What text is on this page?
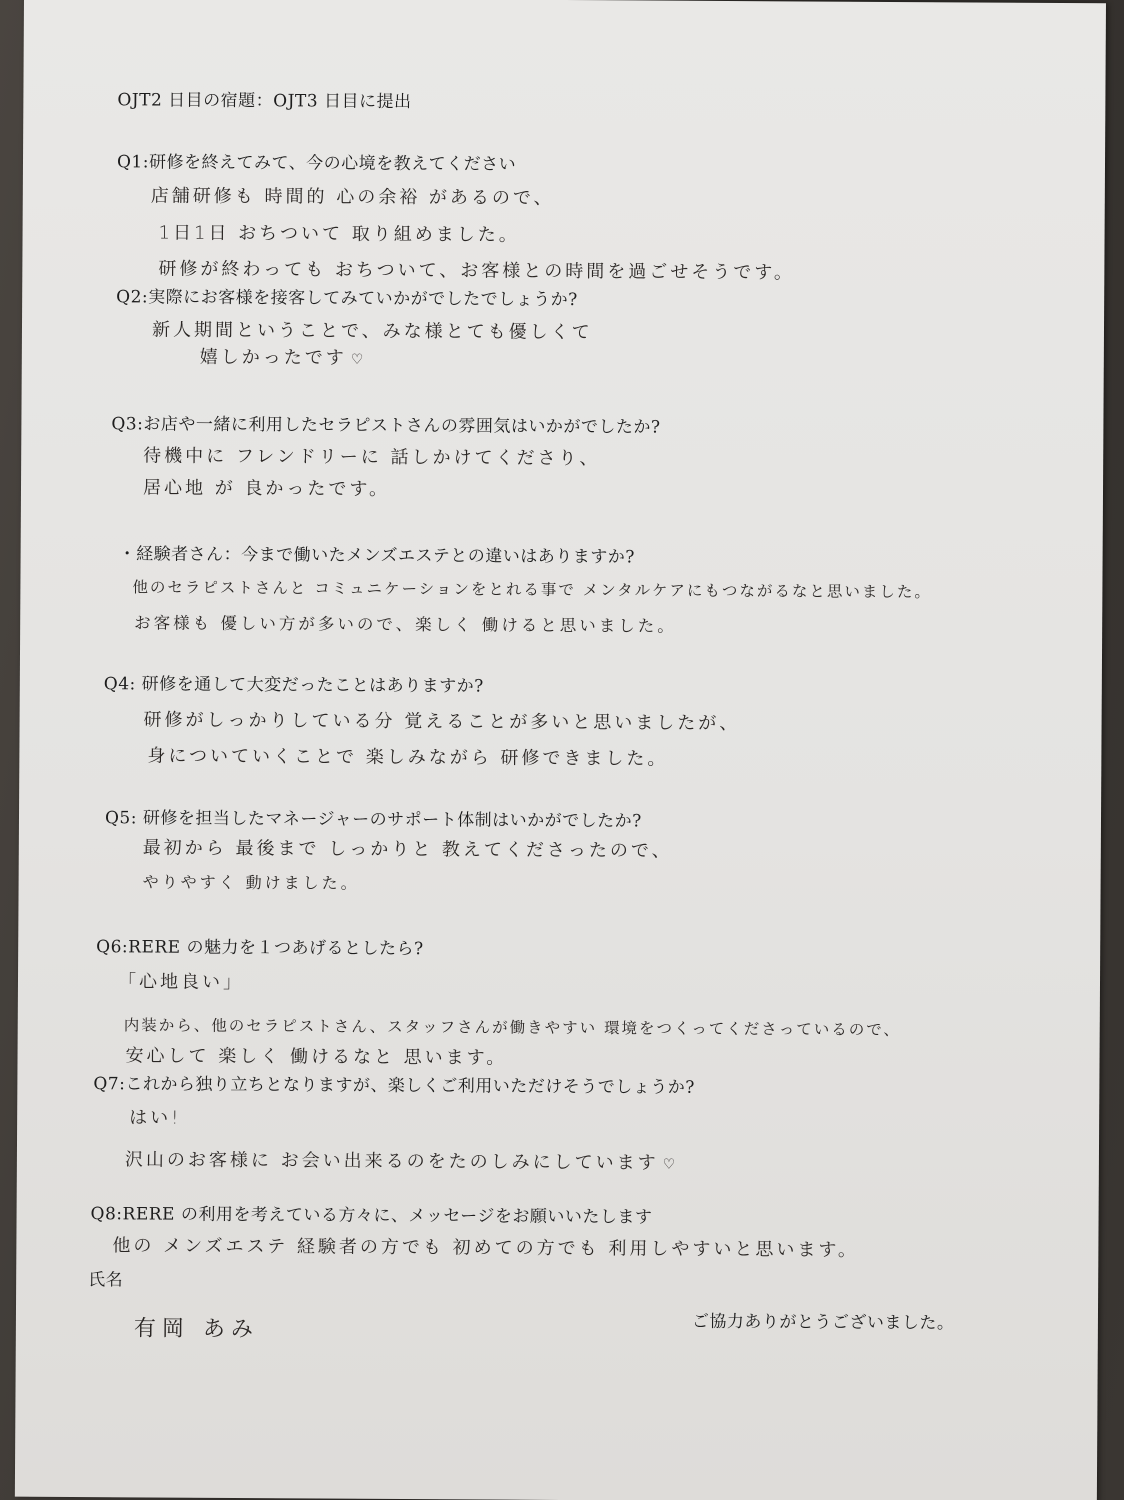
OJT2 日目の宿題：OJT3 日目に提出
Q1:研修を終えてみて、今の心境を教えてください
店舗研修も 時間的 心の余裕 があるので、
1日1日 おちついて 取り組めました。
研修が終わっても おちついて、お客様との時間を過ごせそうです。
Q2:実際にお客様を接客してみていかがでしたでしょうか?
新人期間ということで、みな様とても優しくて
嬉しかったです ♡
Q3:お店や一緒に利用したセラピストさんの雰囲気はいかがでしたか?
待機中に フレンドリーに 話しかけてくださり、
居心地 が 良かったです。
・経験者さん：今まで働いたメンズエステとの違いはありますか?
他のセラピストさんと コミュニケーションをとれる事で メンタルケアにもつながるなと思いました。
お客様も 優しい方が多いので、楽しく 働けると思いました。
Q4: 研修を通して大変だったことはありますか?
研修がしっかりしている分 覚えることが多いと思いましたが、
身についていくことで 楽しみながら 研修できました。
Q5: 研修を担当したマネージャーのサポート体制はいかがでしたか?
最初から 最後まで しっかりと 教えてくださったので、
やりやすく 動けました。
Q6:RERE の魅力を１つあげるとしたら?
「心地良い」
内装から、他のセラピストさん、スタッフさんが働きやすい 環境をつくってくださっているので、
安心して 楽しく 働けるなと 思います。
Q7:これから独り立ちとなりますが、楽しくご利用いただけそうでしょうか?
はい!
沢山のお客様に お会い出来るのをたのしみにしています ♡
Q8:RERE の利用を考えている方々に、メッセージをお願いいたします
他の メンズエステ 経験者の方でも 初めての方でも 利用しやすいと思います。
氏名
有岡 あみ	ご協力ありがとうございました。
